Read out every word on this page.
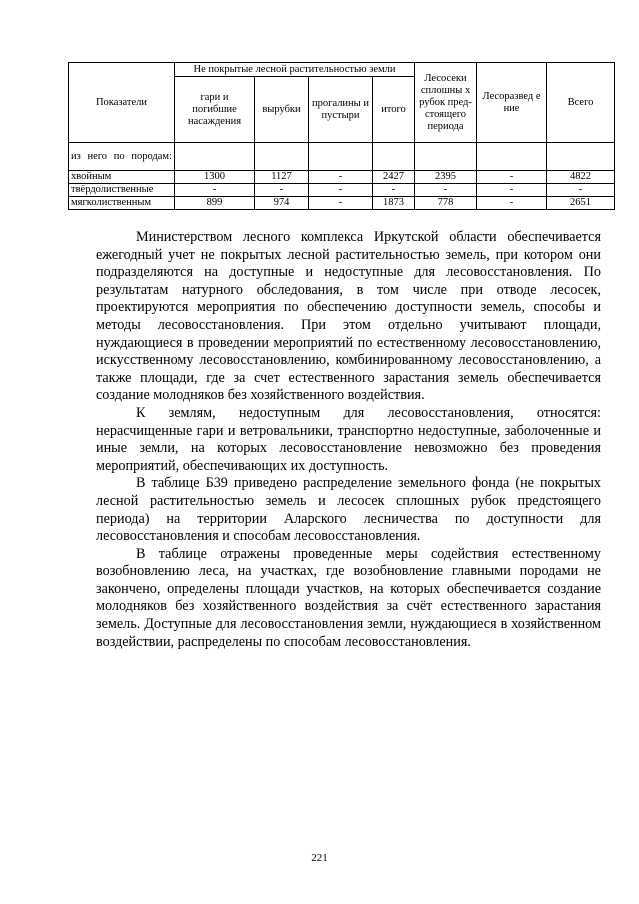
Показатели	Не покрытые лесной растительностью земли				Лесосеки сплошны х рубок пред-стоящего периода	Лесоразвед е ние	Всего
	гари и погибшие насаждения	вырубки	прогалины и пустыри	итого			
из него по породам:							
хвойным	1300	1127	-	2427	2395	-	4822
твёрдолиственные	-	-	-	-	-	-	-
мягколиственным	899	974	-	1873	778	-	2651

Министерством лесного комплекса Иркутской области обеспечивается ежегодный учет не покрытых лесной растительностью земель, при котором они подразделяются на доступные и недоступные для лесовосстановления. По результатам натурного обследования, в том числе при отводе лесосек, проектируются мероприятия по обеспечению доступности земель, способы и методы лесовосстановления. При этом отдельно учитывают площади, нуждающиеся в проведении мероприятий по естественному лесовосстановлению, искусственному лесовосстановлению, комбинированному лесовосстановлению, а также площади, где за счет естественного зарастания земель обеспечивается создание молодняков без хозяйственного воздействия.

К землям, недоступным для лесовосстановления, относятся: нерасчищенные гари и ветровальники, транспортно недоступные, заболоченные и иные земли, на которых лесовосстановление невозможно без проведения мероприятий, обеспечивающих их доступность.

В таблице Б39 приведено распределение земельного фонда (не покрытых лесной растительностью земель и лесосек сплошных рубок предстоящего периода) на территории Аларского лесничества по доступности для лесовосстановления и способам лесовосстановления.

В таблице отражены проведенные меры содействия естественному возобновлению леса, на участках, где возобновление главными породами не закончено, определены площади участков, на которых обеспечивается создание молодняков без хозяйственного воздействия за счёт естественного зарастания земель. Доступные для лесовосстановления земли, нуждающиеся в хозяйственном воздействии, распределены по способам лесовосстановления.

221
